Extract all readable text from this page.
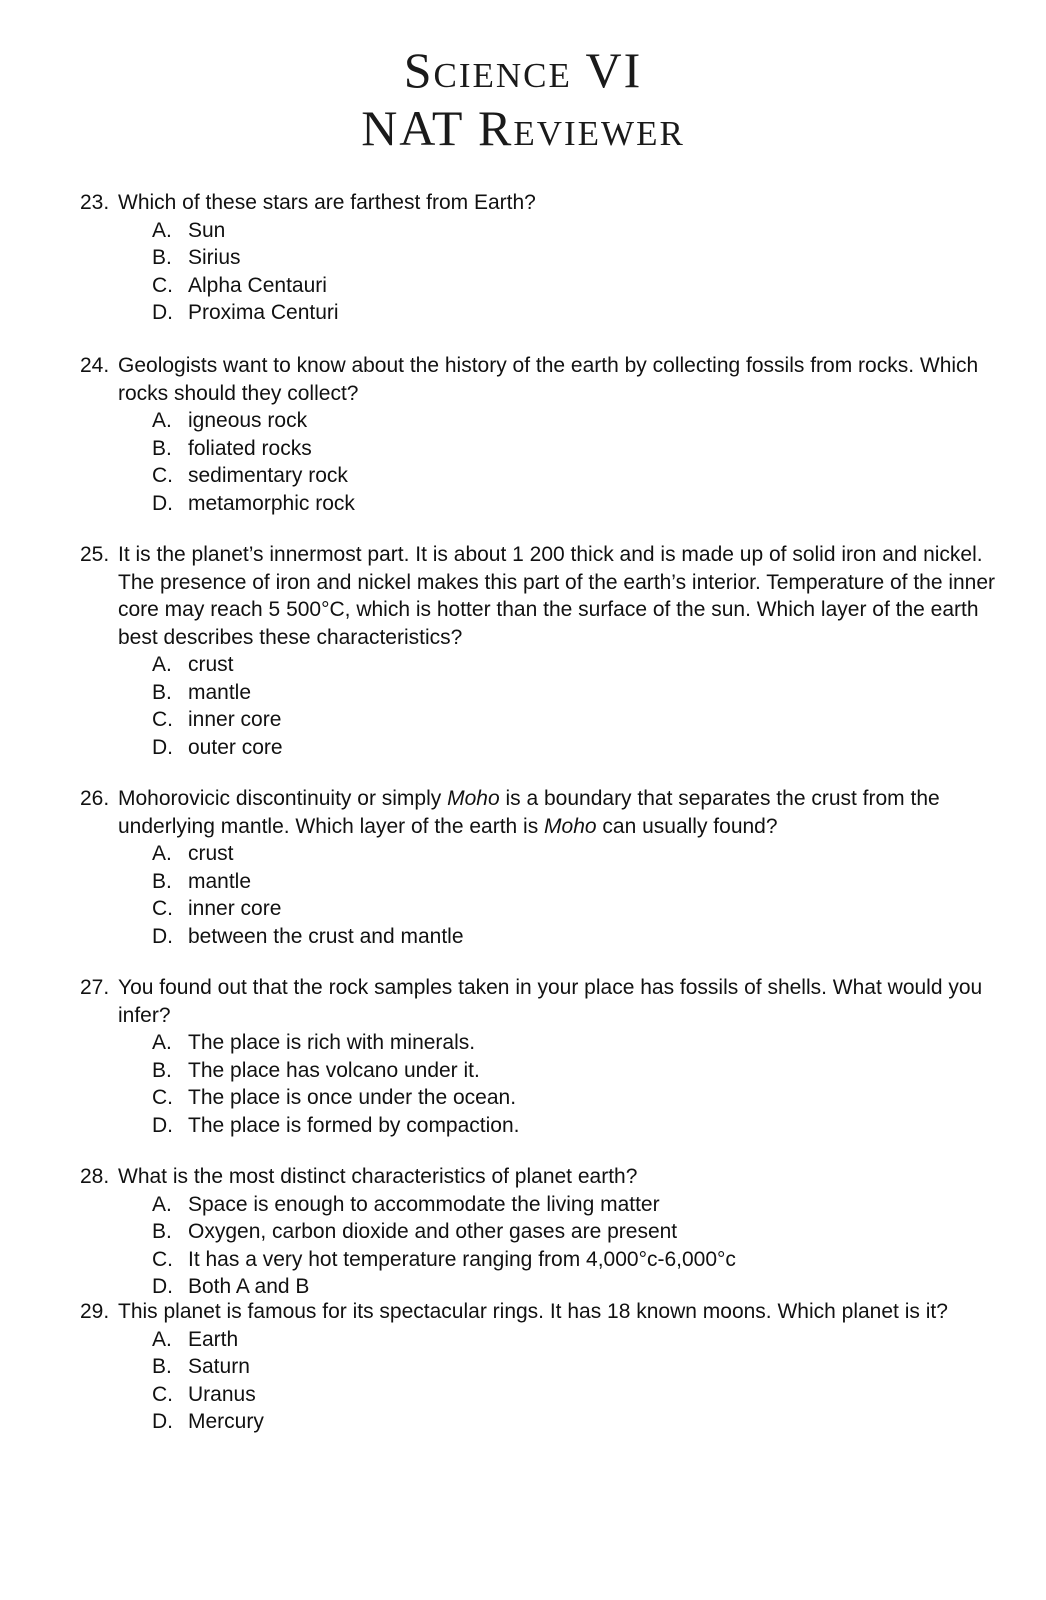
Science VI
NAT Reviewer
23. Which of these stars are farthest from Earth?
A. Sun
B. Sirius
C. Alpha Centauri
D. Proxima Centuri
24. Geologists want to know about the history of the earth by collecting fossils from rocks. Which rocks should they collect?
A. igneous rock
B. foliated rocks
C. sedimentary rock
D. metamorphic rock
25. It is the planet’s innermost part. It is about 1 200 thick and is made up of solid iron and nickel. The presence of iron and nickel makes this part of the earth’s interior. Temperature of the inner core may reach 5 500°C, which is hotter than the surface of the sun. Which layer of the earth best describes these characteristics?
A. crust
B. mantle
C. inner core
D. outer core
26. Mohorovicic discontinuity or simply Moho is a boundary that separates the crust from the underlying mantle. Which layer of the earth is Moho can usually found?
A. crust
B. mantle
C. inner core
D. between the crust and mantle
27. You found out that the rock samples taken in your place has fossils of shells. What would you infer?
A. The place is rich with minerals.
B. The place has volcano under it.
C. The place is once under the ocean.
D. The place is formed by compaction.
28. What is the most distinct characteristics of planet earth?
A. Space is enough to accommodate the living matter
B. Oxygen, carbon dioxide and other gases are present
C. It has a very hot temperature ranging from 4,000°c-6,000°c
D. Both A and B
29. This planet is famous for its spectacular rings. It has 18 known moons. Which planet is it?
A. Earth
B. Saturn
C. Uranus
D. Mercury
